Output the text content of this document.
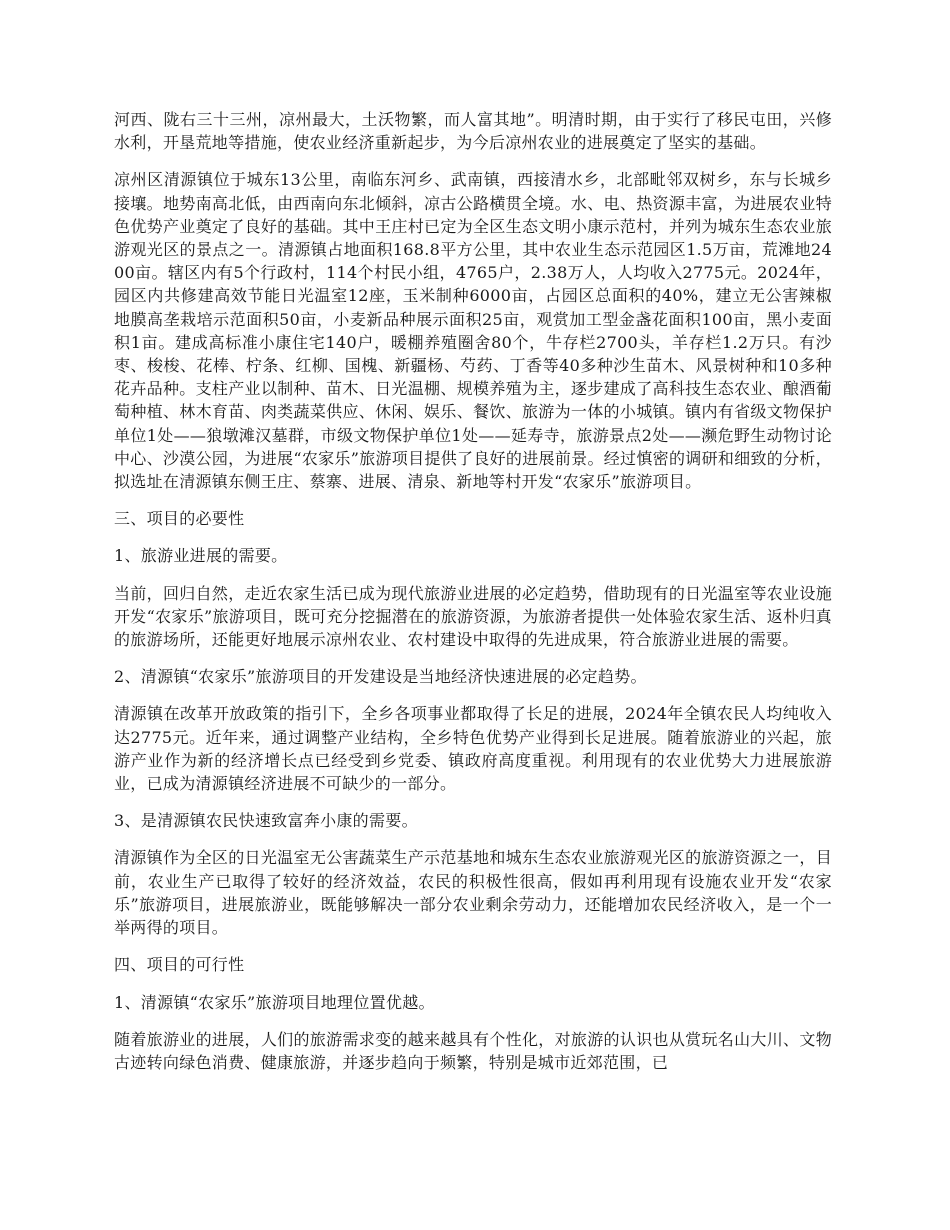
河西、陇右三十三州，凉州最大，土沃物繁，而人富其地”。明清时期，由于实行了移民屯田，兴修水利，开垦荒地等措施，使农业经济重新起步，为今后凉州农业的进展奠定了坚实的基础。

凉州区清源镇位于城东13公里，南临东河乡、武南镇，西接清水乡，北部毗邻双树乡，东与长城乡接壤。地势南高北低，由西南向东北倾斜，凉古公路横贯全境。水、电、热资源丰富，为进展农业特色优势产业奠定了良好的基础。其中王庄村已定为全区生态文明小康示范村，并列为城东生态农业旅游观光区的景点之一。清源镇占地面积168.8平方公里，其中农业生态示范园区1.5万亩，荒滩地2400亩。辖区内有5个行政村，114个村民小组，4765户，2.38万人，人均收入2775元。2024年，园区内共修建高效节能日光温室12座，玉米制种6000亩，占园区总面积的40%，建立无公害辣椒地膜高垄栽培示范面积50亩，小麦新品种展示面积25亩，观赏加工型金盏花面积100亩，黑小麦面积1亩。建成高标准小康住宅140户，暖棚养殖圈舍80个，牛存栏2700头，羊存栏1.2万只。有沙枣、梭梭、花棒、柠条、红柳、国槐、新疆杨、芍药、丁香等40多种沙生苗木、风景树种和10多种花卉品种。支柱产业以制种、苗木、日光温棚、规模养殖为主，逐步建成了高科技生态农业、酿酒葡萄种植、林木育苗、肉类蔬菜供应、休闲、娱乐、餐饮、旅游为一体的小城镇。镇内有省级文物保护单位1处——狼墩滩汉墓群，市级文物保护单位1处——延寿寺，旅游景点2处——濒危野生动物讨论中心、沙漠公园，为进展“农家乐”旅游项目提供了良好的进展前景。经过慎密的调研和细致的分析，拟选址在清源镇东侧王庄、蔡寨、进展、清泉、新地等村开发“农家乐”旅游项目。

三、项目的必要性

1、旅游业进展的需要。

当前，回归自然，走近农家生活已成为现代旅游业进展的必定趋势，借助现有的日光温室等农业设施开发“农家乐”旅游项目，既可充分挖掘潜在的旅游资源，为旅游者提供一处体验农家生活、返朴归真的旅游场所，还能更好地展示凉州农业、农村建设中取得的先进成果，符合旅游业进展的需要。

2、清源镇“农家乐”旅游项目的开发建设是当地经济快速进展的必定趋势。

清源镇在改革开放政策的指引下，全乡各项事业都取得了长足的进展，2024年全镇农民人均纯收入达2775元。近年来，通过调整产业结构，全乡特色优势产业得到长足进展。随着旅游业的兴起，旅游产业作为新的经济增长点已经受到乡党委、镇政府高度重视。利用现有的农业优势大力进展旅游业，已成为清源镇经济进展不可缺少的一部分。

3、是清源镇农民快速致富奔小康的需要。

清源镇作为全区的日光温室无公害蔬菜生产示范基地和城东生态农业旅游观光区的旅游资源之一，目前，农业生产已取得了较好的经济效益，农民的积极性很高，假如再利用现有设施农业开发“农家乐”旅游项目，进展旅游业，既能够解决一部分农业剩余劳动力，还能增加农民经济收入，是一个一举两得的项目。

四、项目的可行性

1、清源镇“农家乐”旅游项目地理位置优越。

随着旅游业的进展，人们的旅游需求变的越来越具有个性化，对旅游的认识也从赏玩名山大川、文物古迹转向绿色消费、健康旅游，并逐步趋向于频繁，特别是城市近郊范围，已
